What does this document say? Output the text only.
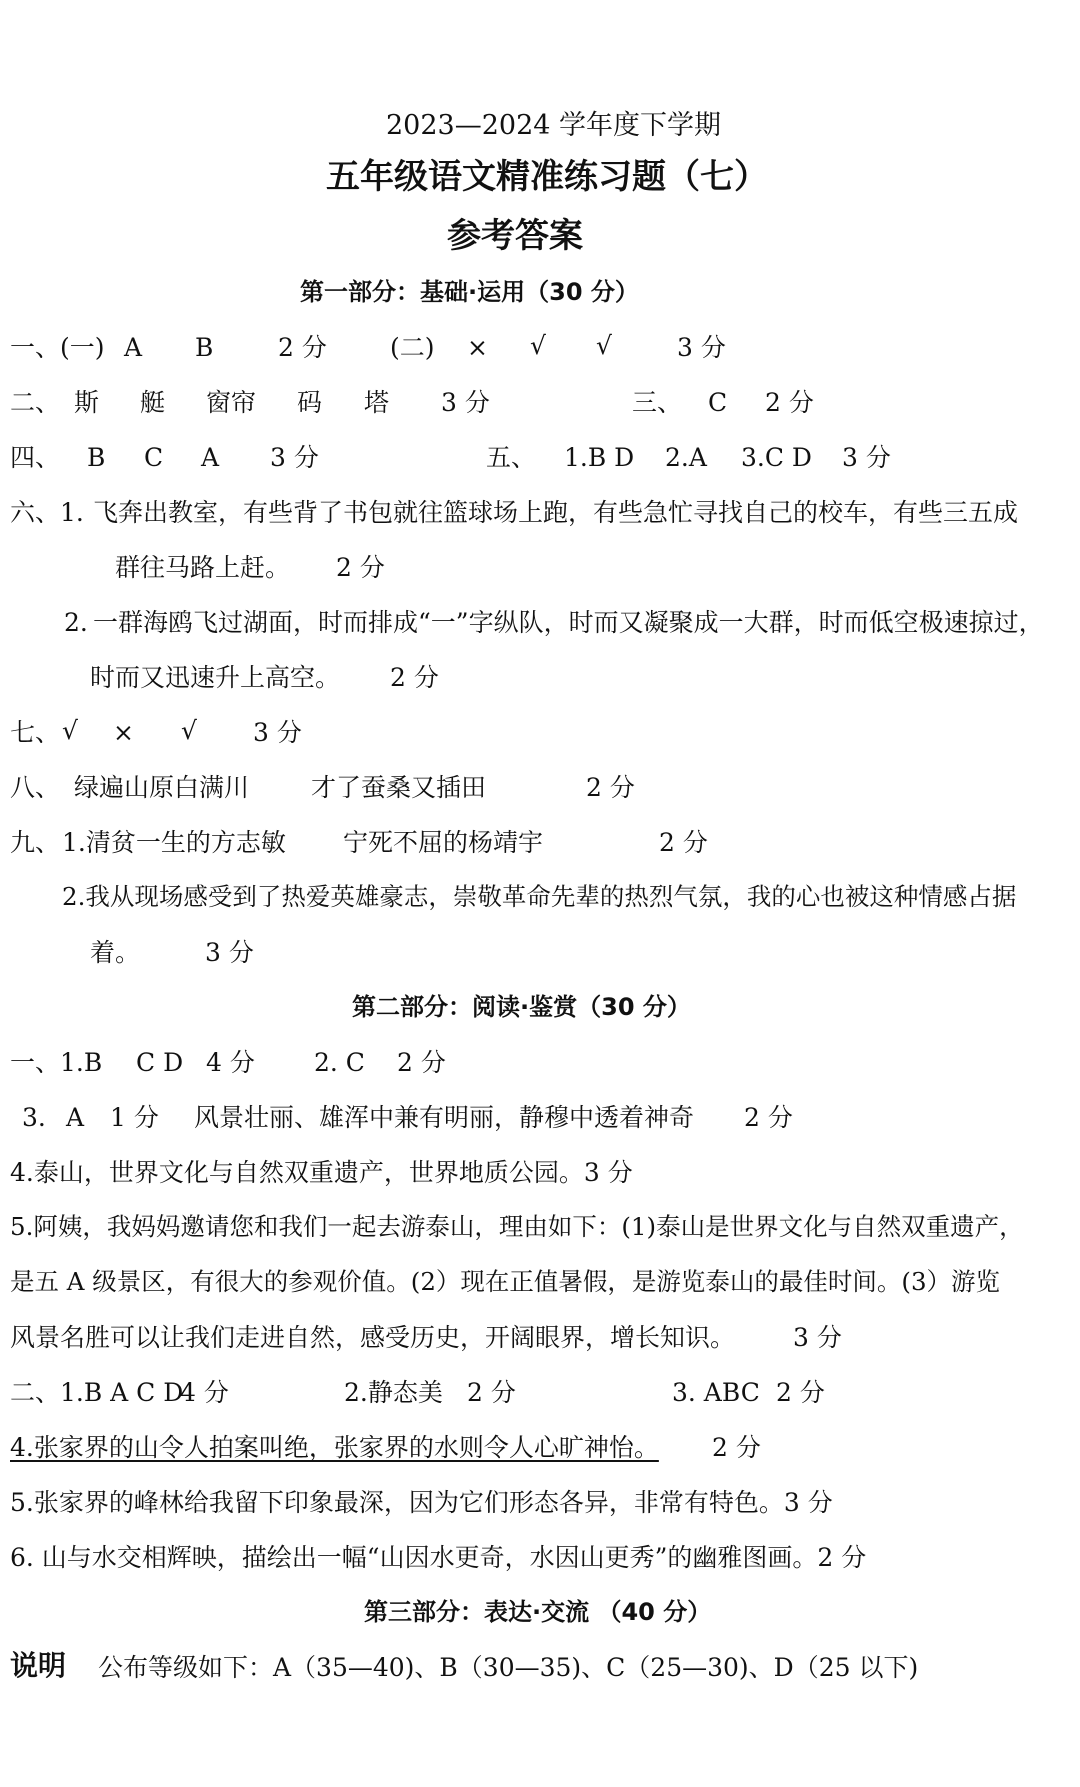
2023—2024 学年度下学期
五年级语文精准练习题（七）
参考答案
第一部分：基础·运用（30 分）
一、(一) A B	2 分	(二) × √ √	3 分
二、 斯 艇 窗帘 码 塔 3 分	三、 C 2 分
四、 B C A 3 分	五、 1.B D 2.A 3.C D 3 分
六、1. 飞奔出教室，有些背了书包就往篮球场上跑，有些急忙寻找自己的校车，有些三五成
群往马路上赶。 2 分
2. 一群海鸥飞过湖面，时而排成“一”字纵队，时而又凝聚成一大群，时而低空极速掠过，
时而又迅速升上高空。 2 分
七、 √ × √ 3 分
八、 绿遍山原白满川 才了蚕桑又插田	2 分
九、 1.清贫一生的方志敏 宁死不屈的杨靖宇	2 分
2.我从现场感受到了热爱英雄豪志，崇敬革命先辈的热烈气氛，我的心也被这种情感占据
着。	3 分
第二部分：阅读·鉴赏（30 分）
一、1.B C D 4 分 2. C 2 分
3. A 1 分 风景壮丽、雄浑中兼有明丽，静穆中透着神奇 2 分
4.泰山，世界文化与自然双重遗产，世界地质公园。3 分
5.阿姨，我妈妈邀请您和我们一起去游泰山，理由如下：(1)泰山是世界文化与自然双重遗产，
是五 A 级景区，有很大的参观价值。(2）现在正值暑假，是游览泰山的最佳时间。(3）游览
风景名胜可以让我们走进自然，感受历史，开阔眼界，增长知识。 3 分
二、1.B A C D
4 分	2.静态美 2 分	3. ABC 2 分
4.张家界的山令人拍案叫绝，张家界的水则令人心旷神怡。 2 分
5.张家界的峰林给我留下印象最深，因为它们形态各异，非常有特色。3 分
6. 山与水交相辉映，描绘出一幅“山因水更奇，水因山更秀”的幽雅图画。2 分
第三部分：表达·交流 （40 分）
说明 公布等级如下：A（35—40)、B（30—35)、C（25—30)、D（25 以下)
